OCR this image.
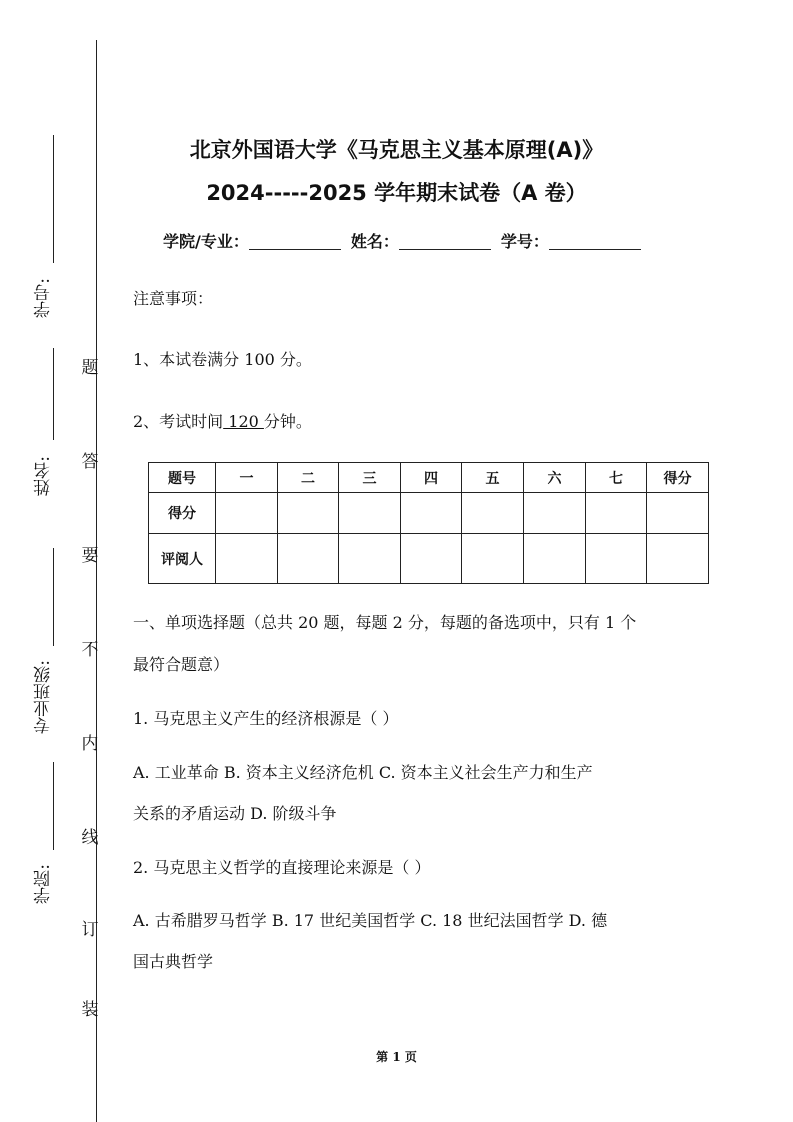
学号:
姓名:
专业班级:
学院:
题
答
要
不
内
线
订
装
北京外国语大学《马克思主义基本原理(A)》
2024-----2025 学年期末试卷（A 卷）
学院/专业：	姓名：	学号：
注意事项：
1、本试卷满分 100 分。
2、考试时间 120 分钟。
题号	一	二	三	四	五	六	七	得分
得分								
评阅人								
一、单项选择题（总共 20 题，每题 2 分，每题的备选项中，只有 1 个
最符合题意）
1. 马克思主义产生的经济根源是（ ）
A. 工业革命 B. 资本主义经济危机 C. 资本主义社会生产力和生产
关系的矛盾运动 D. 阶级斗争
2. 马克思主义哲学的直接理论来源是（ ）
A. 古希腊罗马哲学 B. 17 世纪美国哲学 C. 18 世纪法国哲学 D. 德
国古典哲学
第 1 页
